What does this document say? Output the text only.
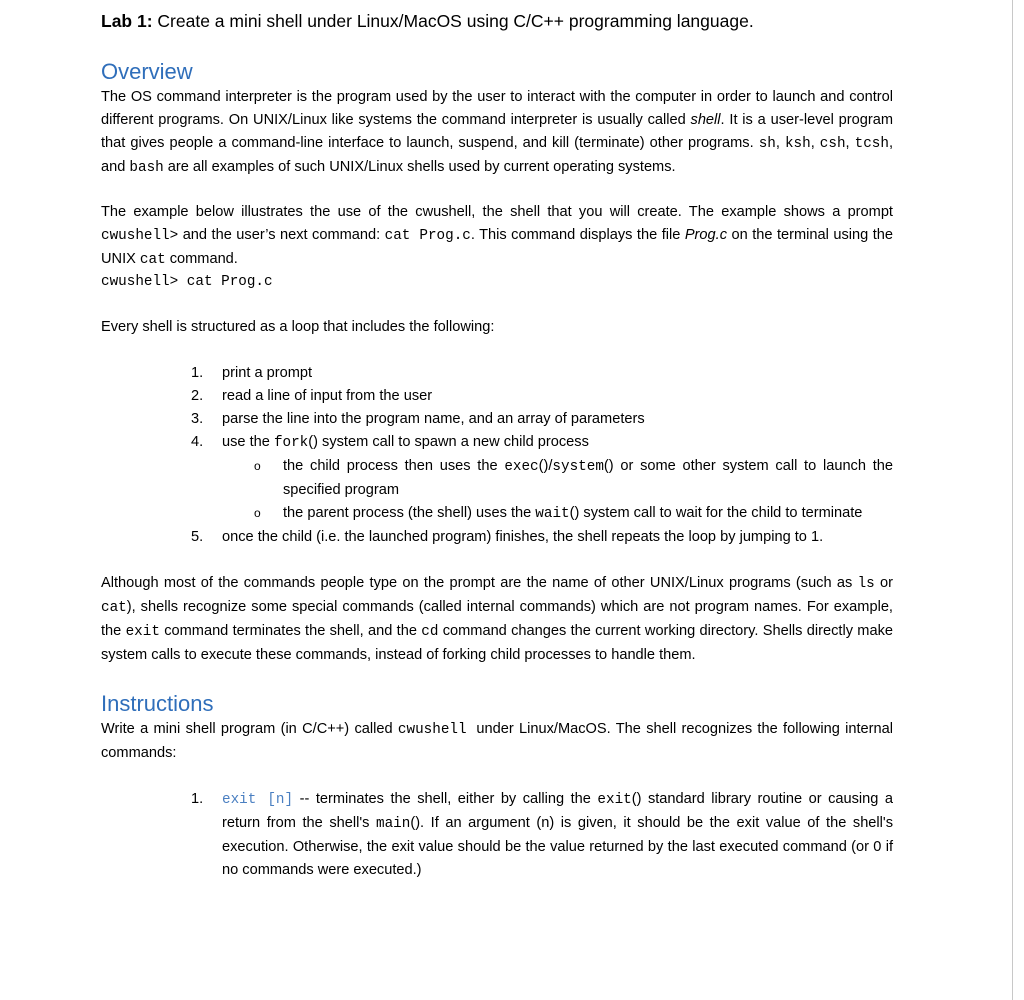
Lab 1: Create a mini shell under Linux/MacOS using C/C++ programming language.
Overview

The OS command interpreter is the program used by the user to interact with the computer in order to launch and control different programs. On UNIX/Linux like systems the command interpreter is usually called shell. It is a user-level program that gives people a command-line interface to launch, suspend, and kill (terminate) other programs. sh, ksh, csh, tcsh, and bash are all examples of such UNIX/Linux shells used by current operating systems.

The example below illustrates the use of the cwushell, the shell that you will create. The example shows a prompt cwushell> and the user’s next command: cat Prog.c. This command displays the file Prog.c on the terminal using the UNIX cat command.

cwushell> cat Prog.c

Every shell is structured as a loop that includes the following:

1. print a prompt
2. read a line of input from the user
3. parse the line into the program name, and an array of parameters
4. use the fork() system call to spawn a new child process
o the child process then uses the exec()/system() or some other system call to launch the specified program
o the parent process (the shell) uses the wait() system call to wait for the child to terminate
5. once the child (i.e. the launched program) finishes, the shell repeats the loop by jumping to 1.

Although most of the commands people type on the prompt are the name of other UNIX/Linux programs (such as ls or cat), shells recognize some special commands (called internal commands) which are not program names. For example, the exit command terminates the shell, and the cd command changes the current working directory. Shells directly make system calls to execute these commands, instead of forking child processes to handle them.

Instructions

Write a mini shell program (in C/C++) called cwushell under Linux/MacOS. The shell recognizes the following internal commands:

1. exit [n] -- terminates the shell, either by calling the exit() standard library routine or causing a return from the shell's main(). If an argument (n) is given, it should be the exit value of the shell's execution. Otherwise, the exit value should be the value returned by the last executed command (or 0 if no commands were executed.)
